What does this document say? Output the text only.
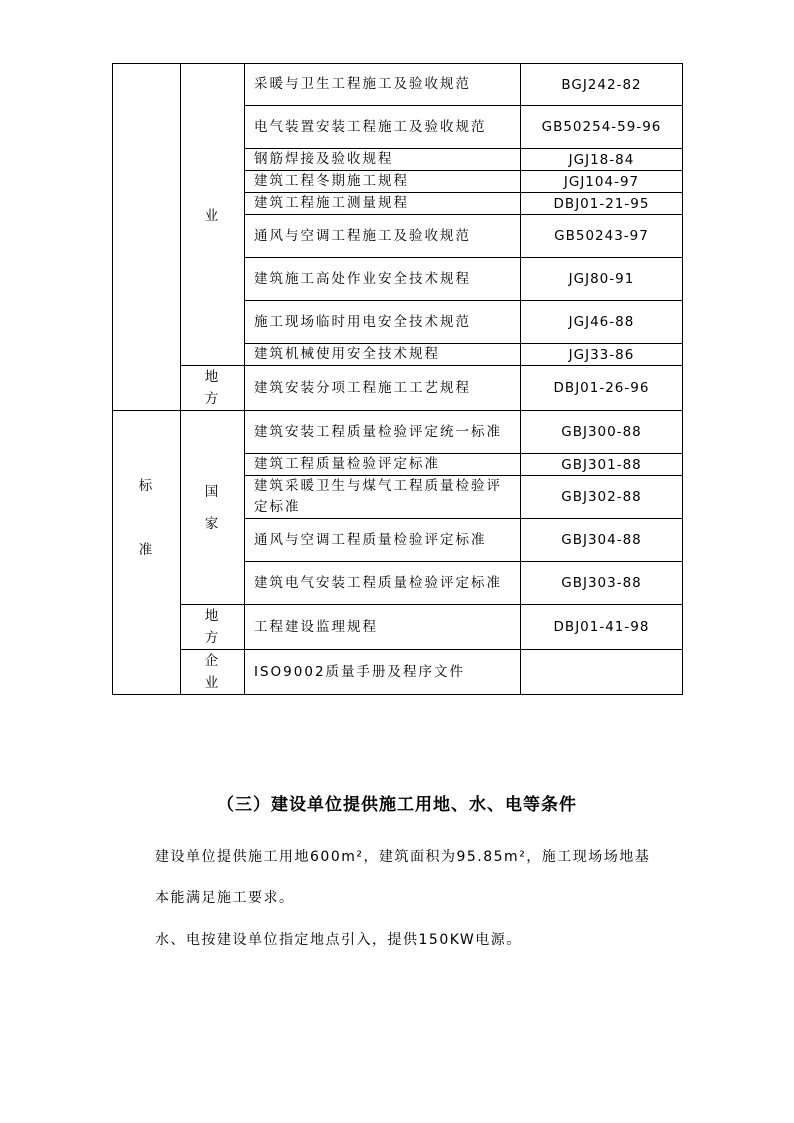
	业	采暖与卫生工程施工及验收规范	BGJ242-82
		电气装置安装工程施工及验收规范	GB50254-59-96
		钢筋焊接及验收规程	JGJ18-84
		建筑工程冬期施工规程	JGJ104-97
		建筑工程施工测量规程	DBJ01-21-95
		通风与空调工程施工及验收规范	GB50243-97
		建筑施工高处作业安全技术规程	JGJ80-91
		施工现场临时用电安全技术规范	JGJ46-88
		建筑机械使用安全技术规程	JGJ33-86
	地方	建筑安装分项工程施工工艺规程	DBJ01-26-96
标准	国家	建筑安装工程质量检验评定统一标准	GBJ300-88
		建筑工程质量检验评定标准	GBJ301-88
		建筑采暖卫生与煤气工程质量检验评定标准	GBJ302-88
		通风与空调工程质量检验评定标准	GBJ304-88
		建筑电气安装工程质量检验评定标准	GBJ303-88
	地方	工程建设监理规程	DBJ01-41-98
	企业	ISO9002质量手册及程序文件	
（三）建设单位提供施工用地、水、电等条件

建设单位提供施工用地600m²，建筑面积为95.85m²，施工现场场地基

本能满足施工要求。

水、电按建设单位指定地点引入，提供150KW电源。
